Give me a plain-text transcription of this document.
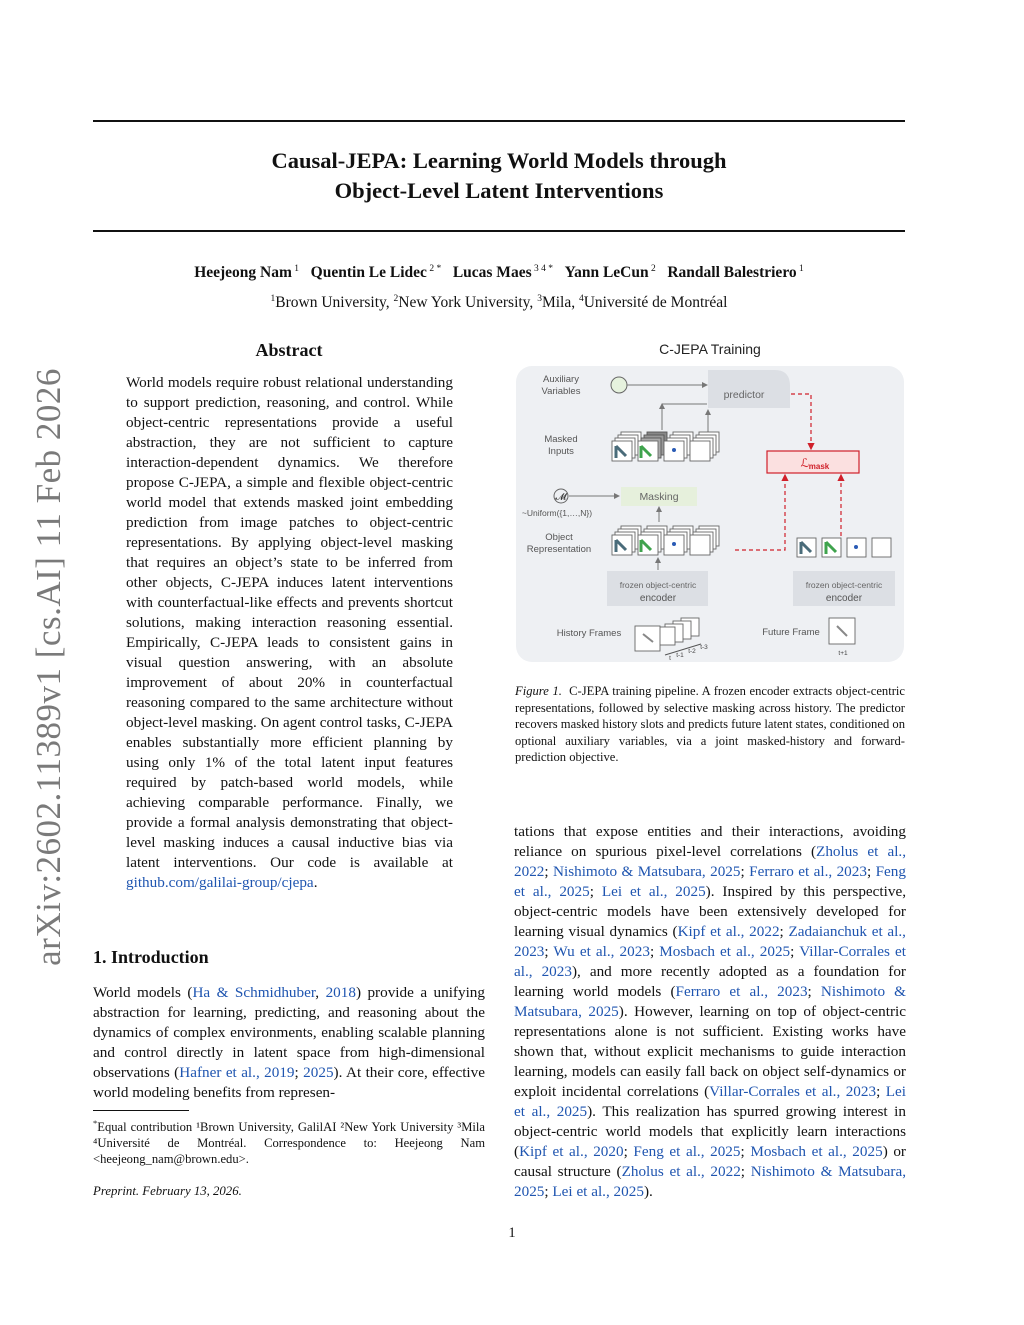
Causal-JEPA: Learning World Models through
Object-Level Latent Interventions
Heejeong Nam $^1$ Quentin Le Lidec $^{2 *}$ Lucas Maes $^{3 4 *}$ Yann LeCun $^2$ Randall Balestriero $^1$
$^1$Brown University, $^2$New York University, $^3$Mila, $^4$Université de Montréal
arXiv:2602.11389v1 [cs.AI] 11 Feb 2026
Abstract
World models require robust relational understanding to support prediction, reasoning, and control. While object-centric representations provide a useful abstraction, they are not sufficient to capture interaction-dependent dynamics. We therefore propose C-JEPA, a simple and flexible object-centric world model that extends masked joint embedding prediction from image patches to object-centric representations. By applying object-level masking that requires an object’s state to be inferred from other objects, C-JEPA induces latent interventions with counterfactual-like effects and prevents shortcut solutions, making interaction reasoning essential. Empirically, C-JEPA leads to consistent gains in visual question answering, with an absolute improvement of about 20% in counterfactual reasoning compared to the same architecture without object-level masking. On agent control tasks, C-JEPA enables substantially more efficient planning by using only 1% of the total latent input features required by patch-based world models, while achieving comparable performance. Finally, we provide a formal analysis demonstrating that object-level masking induces a causal inductive bias via latent interventions. Our code is available at github.com/galilai-group/cjepa.
1. Introduction
World models (Ha & Schmidhuber, 2018) provide a unifying abstraction for learning, predicting, and reasoning about the dynamics of complex environments, enabling scalable planning and control directly in latent space from high-dimensional observations (Hafner et al., 2019; 2025). At their core, effective world modeling benefits from represen-
*Equal contribution ¹Brown University, GalilAI ²New York University ³Mila ⁴Université de Montréal. Correspondence to: Heejeong Nam <heejeong_nam@brown.edu>.
Preprint. February 13, 2026.
1
C-JEPA Training
Auxiliary
Variables
Masked
Inputs
predictor
𝓜
~Uniform({1,…,N})
Masking
Object
Representation
ℒ mask
frozen object-centric
encoder
frozen object-centric
encoder
History Frames
t t-1
t-2
t-3
Future Frame
t+1
Figure 1. C-JEPA training pipeline. A frozen encoder extracts object-centric representations, followed by selective masking across history. The predictor recovers masked history slots and predicts future latent states, conditioned on optional auxiliary variables, via a joint masked-history and forward-prediction objective.
tations that expose entities and their interactions, avoiding reliance on spurious pixel-level correlations (Zholus et al., 2022; Nishimoto & Matsubara, 2025; Ferraro et al., 2023; Feng et al., 2025; Lei et al., 2025). Inspired by this perspective, object-centric models have been extensively developed for learning visual dynamics (Kipf et al., 2022; Zadaianchuk et al., 2023; Wu et al., 2023; Mosbach et al., 2025; Villar-Corrales et al., 2023), and more recently adopted as a foundation for learning world models (Ferraro et al., 2023; Nishimoto & Matsubara, 2025). However, learning on top of object-centric representations alone is not sufficient. Existing works have shown that, without explicit mechanisms to guide interaction learning, models can easily fall back on object self-dynamics or exploit incidental correlations (Villar-Corrales et al., 2023; Lei et al., 2025). This realization has spurred growing interest in object-centric world models that explicitly learn interactions (Kipf et al., 2020; Feng et al., 2025; Mosbach et al., 2025) or causal structure (Zholus et al., 2022; Nishimoto & Matsubara, 2025; Lei et al., 2025).
